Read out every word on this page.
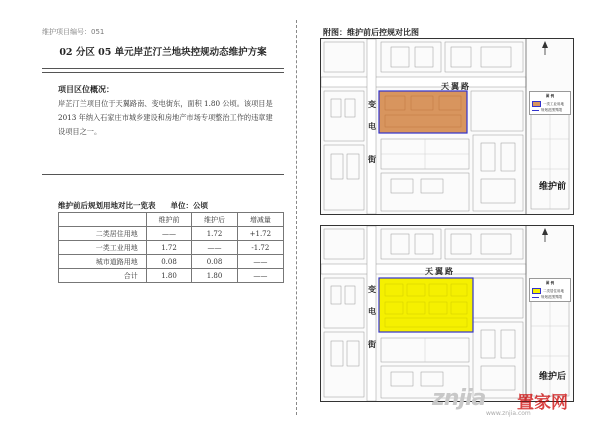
维护项目编号：051
02 分区 05 单元岸芷汀兰地块控规动态维护方案
项目区位概况：
岸芷汀兰项目位于天翼路南、变电街东，面积 1.80 公顷。该项目是 2013 年纳入石家庄市城乡建设和房地产市场专项整治工作的违章建设项目之一。
维护前后规划用地对比一览表　　单位：公顷
	维护前	维护后	增减量
二类居住用地	——	1.72	+1.72
一类工业用地	1.72	——	-1.72
城市道路用地	0.08	0.08	——
合计	1.80	1.80	——
附图：维护前后控规对比图
天翼路
变

电

街
图 例
一类工业用地
规划范围界限
维护前
天翼路
变

电

街
图 例
二类居住用地
规划范围界限
维护后
znjia 置家网
www.znjia.com
